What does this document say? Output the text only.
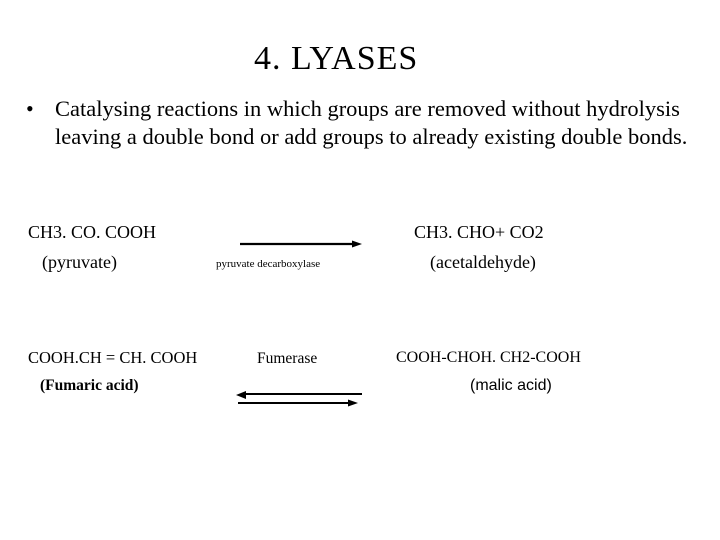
4. LYASES
• Catalysing reactions in which groups are removed without hydrolysis leaving a double bond or add groups to already existing double bonds.
CH3. CO. COOH
(pyruvate)	pyruvate decarboxylase
CH3. CHO+ CO2
(acetaldehyde)
COOH.CH = CH. COOH
(Fumaric acid)
Fumerase	COOH-CHOH. CH2-COOH
(malic acid)
